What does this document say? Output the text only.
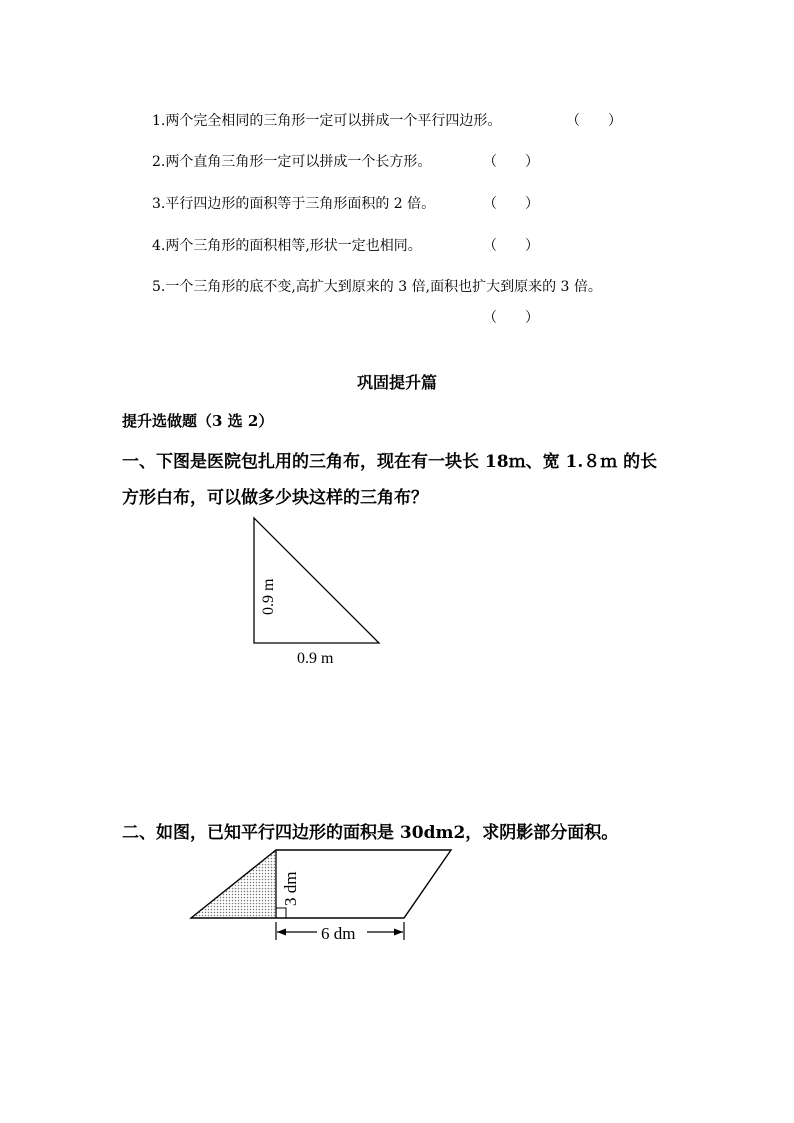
1.两个完全相同的三角形一定可以拼成一个平行四边形。	（　　）
2.两个直角三角形一定可以拼成一个长方形。	（　　）
3.平行四边形的面积等于三角形面积的 2 倍。	（　　）
4.两个三角形的面积相等,形状一定也相同。	（　　）
5.一个三角形的底不变,高扩大到原来的 3 倍,面积也扩大到原来的 3 倍。
（　　）
巩固提升篇
提升选做题（3 选 2）
一、下图是医院包扎用的三角布，现在有一块长 18ｍ、宽 1.８ｍ 的长
方形白布，可以做多少块这样的三角布？
0.9 m
0.9 m
二、如图，已知平行四边形的面积是 30dm2，求阴影部分面积。
3 dm
6 dm
